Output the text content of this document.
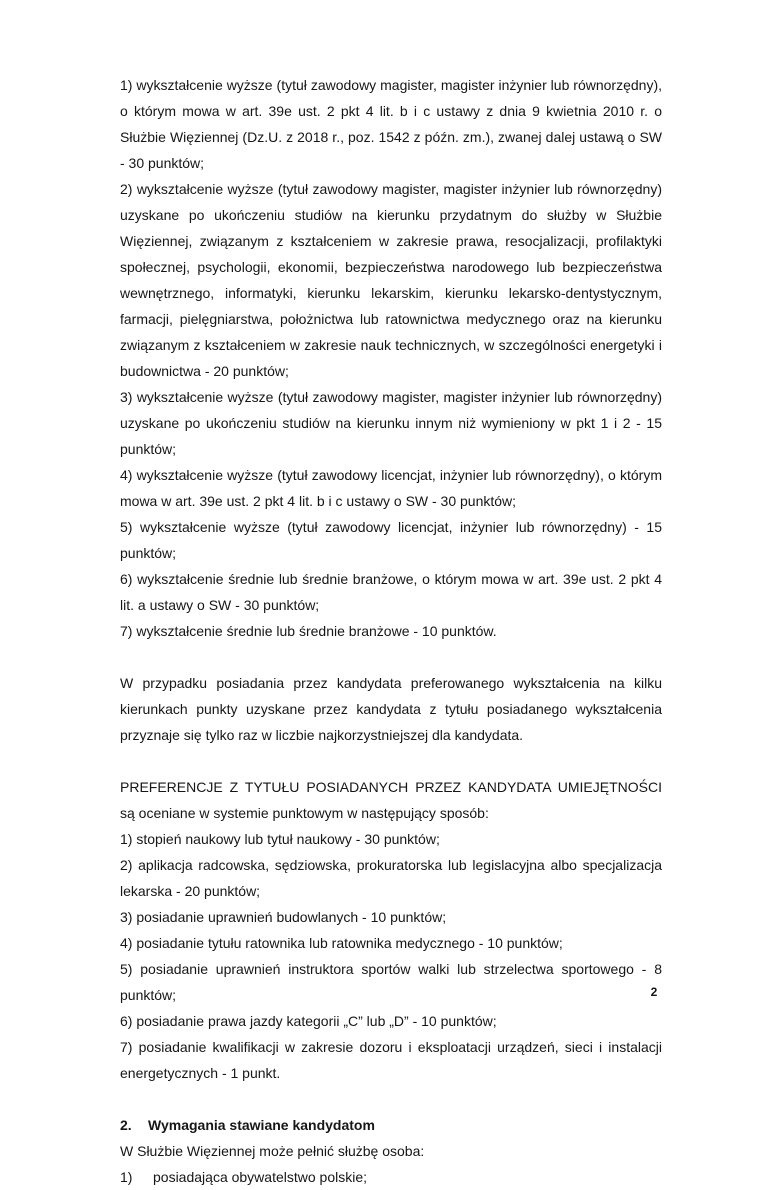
1) wykształcenie wyższe (tytuł zawodowy magister, magister inżynier lub równorzędny), o którym mowa w art. 39e ust. 2 pkt 4 lit. b i c ustawy z dnia 9 kwietnia 2010 r. o Służbie Więziennej (Dz.U. z 2018 r., poz. 1542 z późn. zm.), zwanej dalej ustawą o SW - 30 punktów;

2) wykształcenie wyższe (tytuł zawodowy magister, magister inżynier lub równorzędny) uzyskane po ukończeniu studiów na kierunku przydatnym do służby w Służbie Więziennej, związanym z kształceniem w zakresie prawa, resocjalizacji, profilaktyki społecznej, psychologii, ekonomii, bezpieczeństwa narodowego lub bezpieczeństwa wewnętrznego, informatyki, kierunku lekarskim, kierunku lekarsko-dentystycznym, farmacji, pielęgniarstwa, położnictwa lub ratownictwa medycznego oraz na kierunku związanym z kształceniem w zakresie nauk technicznych, w szczególności energetyki i budownictwa - 20 punktów;

3) wykształcenie wyższe (tytuł zawodowy magister, magister inżynier lub równorzędny) uzyskane po ukończeniu studiów na kierunku innym niż wymieniony w pkt 1 i 2 - 15 punktów;

4) wykształcenie wyższe (tytuł zawodowy licencjat, inżynier lub równorzędny), o którym mowa w art. 39e ust. 2 pkt 4 lit. b i c ustawy o SW - 30 punktów;

5) wykształcenie wyższe (tytuł zawodowy licencjat, inżynier lub równorzędny) - 15 punktów;

6) wykształcenie średnie lub średnie branżowe, o którym mowa w art. 39e ust. 2 pkt 4 lit. a ustawy o SW - 30 punktów;

7) wykształcenie średnie lub średnie branżowe - 10 punktów.

W przypadku posiadania przez kandydata preferowanego wykształcenia na kilku kierunkach punkty uzyskane przez kandydata z tytułu posiadanego wykształcenia przyznaje się tylko raz w liczbie najkorzystniejszej dla kandydata.

PREFERENCJE Z TYTUŁU POSIADANYCH PRZEZ KANDYDATA UMIEJĘTNOŚCI są oceniane w systemie punktowym w następujący sposób:

1) stopień naukowy lub tytuł naukowy - 30 punktów;

2) aplikacja radcowska, sędziowska, prokuratorska lub legislacyjna albo specjalizacja lekarska - 20 punktów;

3) posiadanie uprawnień budowlanych - 10 punktów;

4) posiadanie tytułu ratownika lub ratownika medycznego - 10 punktów;

5) posiadanie uprawnień instruktora sportów walki lub strzelectwa sportowego - 8 punktów;

6) posiadanie prawa jazdy kategorii „C” lub „D” - 10 punktów;

7) posiadanie kwalifikacji w zakresie dozoru i eksploatacji urządzeń, sieci i instalacji energetycznych - 1 punkt.

2.	Wymagania stawiane kandydatom

W Służbie Więziennej może pełnić służbę osoba:

1)	posiadająca obywatelstwo polskie;
2
